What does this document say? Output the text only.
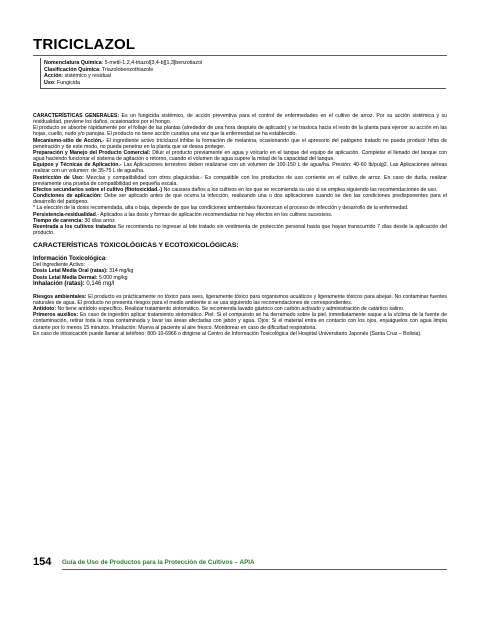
TRICICLAZOL
Nomenclatura Química: 5-metil-1,2,4-triazol[3,4-b][1,3]benzotiazol
Clasificación Química: Triazolobenzothiazole
Acción: sistémico y residual
Uso: Fungicida

CARACTERÍSTICAS GENERALES: Es un fungicida sistémico, de acción preventiva para el control de enfermedades en el cultivo de arroz. Por su acción sistémica y su residualidad, previene los daños, ocasionados por el hongo.

El producto se absorbe rápidamente por el follaje de las plantas (alrededor de una hora después de aplicado) y se trasloca hacia el resto de la planta para ejercer su acción en las hojas, cuello, nudo y/o panojas. El producto no tiene acción curativa una vez que la enfermedad se ha establecido.

Mecanismo-sitio de Acción.- El ingrediente activo triciclazol inhibe la formación de melanina, ocasionando que el apresorio del patógeno tratado no pueda producir hifas de penetración y de este modo, no pueda penetrar en la planta que se desea proteger.

Preparación y Manejo del Producto Comercial: Diluir el producto previamente en agua y volcarlo en el tanque del equipo de aplicación. Completar el llenado del tanque con agua haciendo funcionar el sistema de agitación o retorno, cuando el volumen de agua supere la mitad de la capacidad del tanque.

Equipos y Técnicas de Aplicación.- Las Aplicaciones terrestres deben realizarse con un volumen de 100-150 L de agua/ha. Presión: 40-60 lb/pulg2. Las Aplicaciones aéreas realizar con un volumen: de 35-75 L de agua/ha.

Restricción de Uso: Mezclas y compatibilidad con otros plaguicidas.- Es compatible con los productos de uso corriente en el cultivo de arroz. En caso de duda, realizar previamente una prueba de compatibilidad en pequeña escala.

Efectos secundarios sobre el cultivo (fitotoxicidad.-) No causara daños a los cultivos en los que se recomienda su uso si se emplea siguiendo las recomendaciones de uso.

Condiciones de aplicación: Debe ser aplicado antes de que ocurra la infección, realizando una o dos aplicaciones cuando se den las condiciones predisponentes para el desarrollo del patógeno.

* La elección de la dosis recomendada, alta o baja, depende de que las condiciones ambientales favorezcan el proceso de infección y desarrollo de la enfermedad.

Persistencia-residualidad.- Aplicados a las dosis y formas de aplicación recomendadas no hay efectos en los cultivos sucesivos.

Tiempo de carencia: 30 días arroz

Reentrada a los cultivos tratados Se recomienda no ingresar al lote tratado sin vestimenta de protección personal hasta que hayan transcurrido 7 días desde la aplicación del producto.

CARACTERÍSTICAS TOXICOLÓGICAS Y ECOTOXICOLÓGICAS:

Información Toxicológica:

Del Ingrediente Activo:

Dosis Letal Media Oral (ratas): 314 mg/kg

Dosis Letal Media Dermal: 5.000 mg/kg

Inhalación (ratas): 0,146 mg/l

Riesgos ambientales: El producto es prácticamente no tóxico para aves, ligeramente tóxico para organismos acuáticos y ligeramente tóxicos para abejas. No contaminar fuentes naturales de agua. El producto no presenta riesgos para el medio ambiente si se usa siguiendo las recomendaciones de correspondientes.

Antídoto: No tiene antídoto específico. Realizar tratamiento sintomático. Se recomienda lavado gástrico con carbón activado y administración de catártico salino.

Primeros auxilios: En caso de ingestión aplicar tratamiento sintomático. Piel: Si el compuesto se ha derramado sobre la piel, inmediatamente saque a la víctima de la fuente de contaminación, retirar toda la ropa contaminada y lavar las áreas afectadas con jabón y agua. Ojos: Si el material entra en contacto con los ojos, enjuáguelos con agua limpia durante por lo menos 15 minutos. Inhalación: Mueva al paciente al aire fresco. Monitorear en caso de dificultad respiratoria.

En caso de intoxicación puede llamar al teléfono: 800-10-6966 o dirigirse al Centro de Información Toxicológica del Hospital Universitario Japonés (Santa Cruz – Bolivia).

154 Guía de Uso de Productos para la Protección de Cultivos – APIA
